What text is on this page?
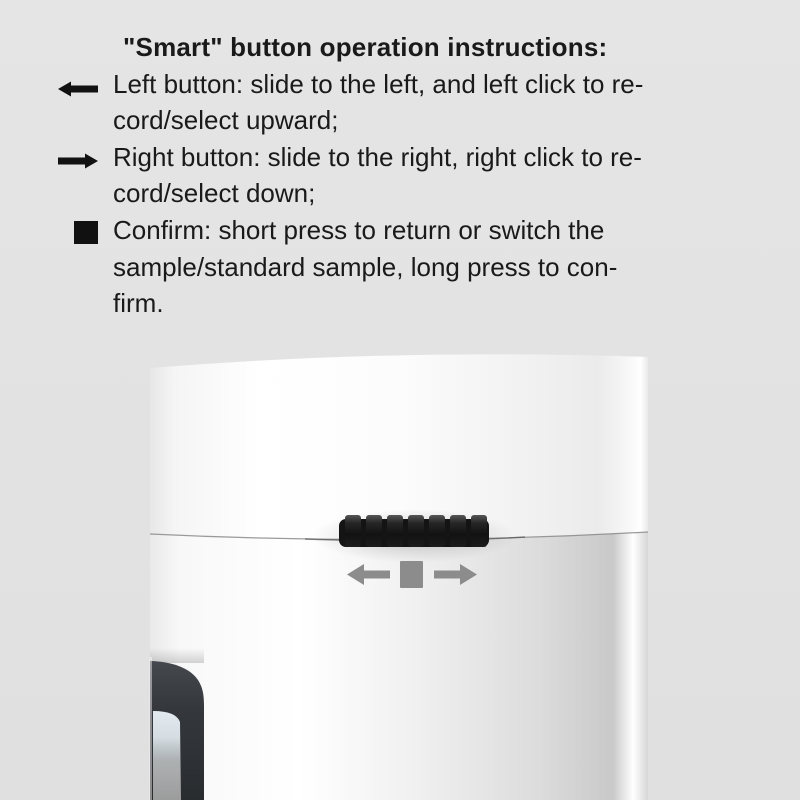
"Smart" button operation instructions:
Left button: slide to the left, and left click to re-
cord/select upward;
Right button: slide to the right, right click to re-
cord/select down;
Confirm: short press to return or switch the
sample/standard sample, long press to con-
firm.
